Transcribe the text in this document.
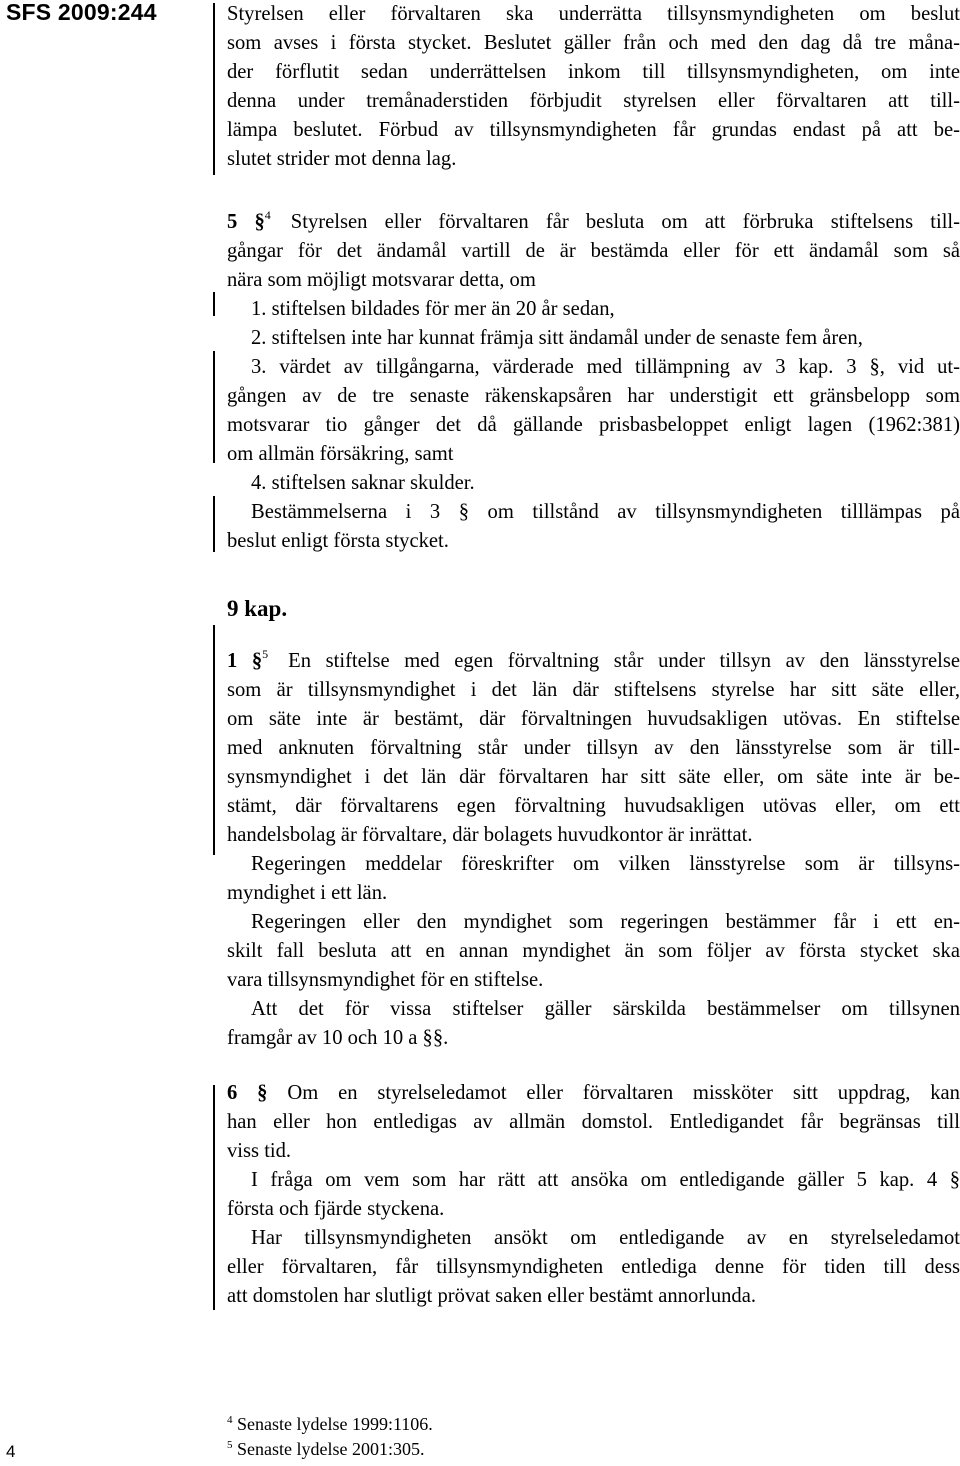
SFS 2009:244	Styrelsen eller förvaltaren ska underrätta tillsynsmyndigheten om beslut

som avses i första stycket. Beslutet gäller från och med den dag då tre måna-

der förflutit sedan underrättelsen inkom till tillsynsmyndigheten, om inte

denna under tremånaderstiden förbjudit styrelsen eller förvaltaren att till-

lämpa beslutet. Förbud av tillsynsmyndigheten får grundas endast på att be-

slutet strider mot denna lag.

5 §$^4$ Styrelsen eller förvaltaren får besluta om att förbruka stiftelsens till-

gångar för det ändamål vartill de är bestämda eller för ett ändamål som så

nära som möjligt motsvarar detta, om

1. stiftelsen bildades för mer än 20 år sedan,

2. stiftelsen inte har kunnat främja sitt ändamål under de senaste fem åren,

3. värdet av tillgångarna, värderade med tillämpning av 3 kap. 3 §, vid ut-

gången av de tre senaste räkenskapsåren har understigit ett gränsbelopp som

motsvarar tio gånger det då gällande prisbasbeloppet enligt lagen (1962:381)

om allmän försäkring, samt

4. stiftelsen saknar skulder.

Bestämmelserna i 3 § om tillstånd av tillsynsmyndigheten tilllämpas på

beslut enligt första stycket.

9 kap.

1 §$^5$ En stiftelse med egen förvaltning står under tillsyn av den länsstyrelse

som är tillsynsmyndighet i det län där stiftelsens styrelse har sitt säte eller,

om säte inte är bestämt, där förvaltningen huvudsakligen utövas. En stiftelse

med anknuten förvaltning står under tillsyn av den länsstyrelse som är till-

synsmyndighet i det län där förvaltaren har sitt säte eller, om säte inte är be-

stämt, där förvaltarens egen förvaltning huvudsakligen utövas eller, om ett

handelsbolag är förvaltare, där bolagets huvudkontor är inrättat.

Regeringen meddelar föreskrifter om vilken länsstyrelse som är tillsyns-

myndighet i ett län.

Regeringen eller den myndighet som regeringen bestämmer får i ett en-

skilt fall besluta att en annan myndighet än som följer av första stycket ska

vara tillsynsmyndighet för en stiftelse.

Att det för vissa stiftelser gäller särskilda bestämmelser om tillsynen

framgår av 10 och 10 a §§.

6 § Om en styrelseledamot eller förvaltaren missköter sitt uppdrag, kan

han eller hon entledigas av allmän domstol. Entledigandet får begränsas till

viss tid.

I fråga om vem som har rätt att ansöka om entledigande gäller 5 kap. 4 §

första och fjärde styckena.

Har tillsynsmyndigheten ansökt om entledigande av en styrelseledamot

eller förvaltaren, får tillsynsmyndigheten entlediga denne för tiden till dess

att domstolen har slutligt prövat saken eller bestämt annorlunda.

$^4$ Senaste lydelse 1999:1106.
$^5$ Senaste lydelse 2001:305.
4
